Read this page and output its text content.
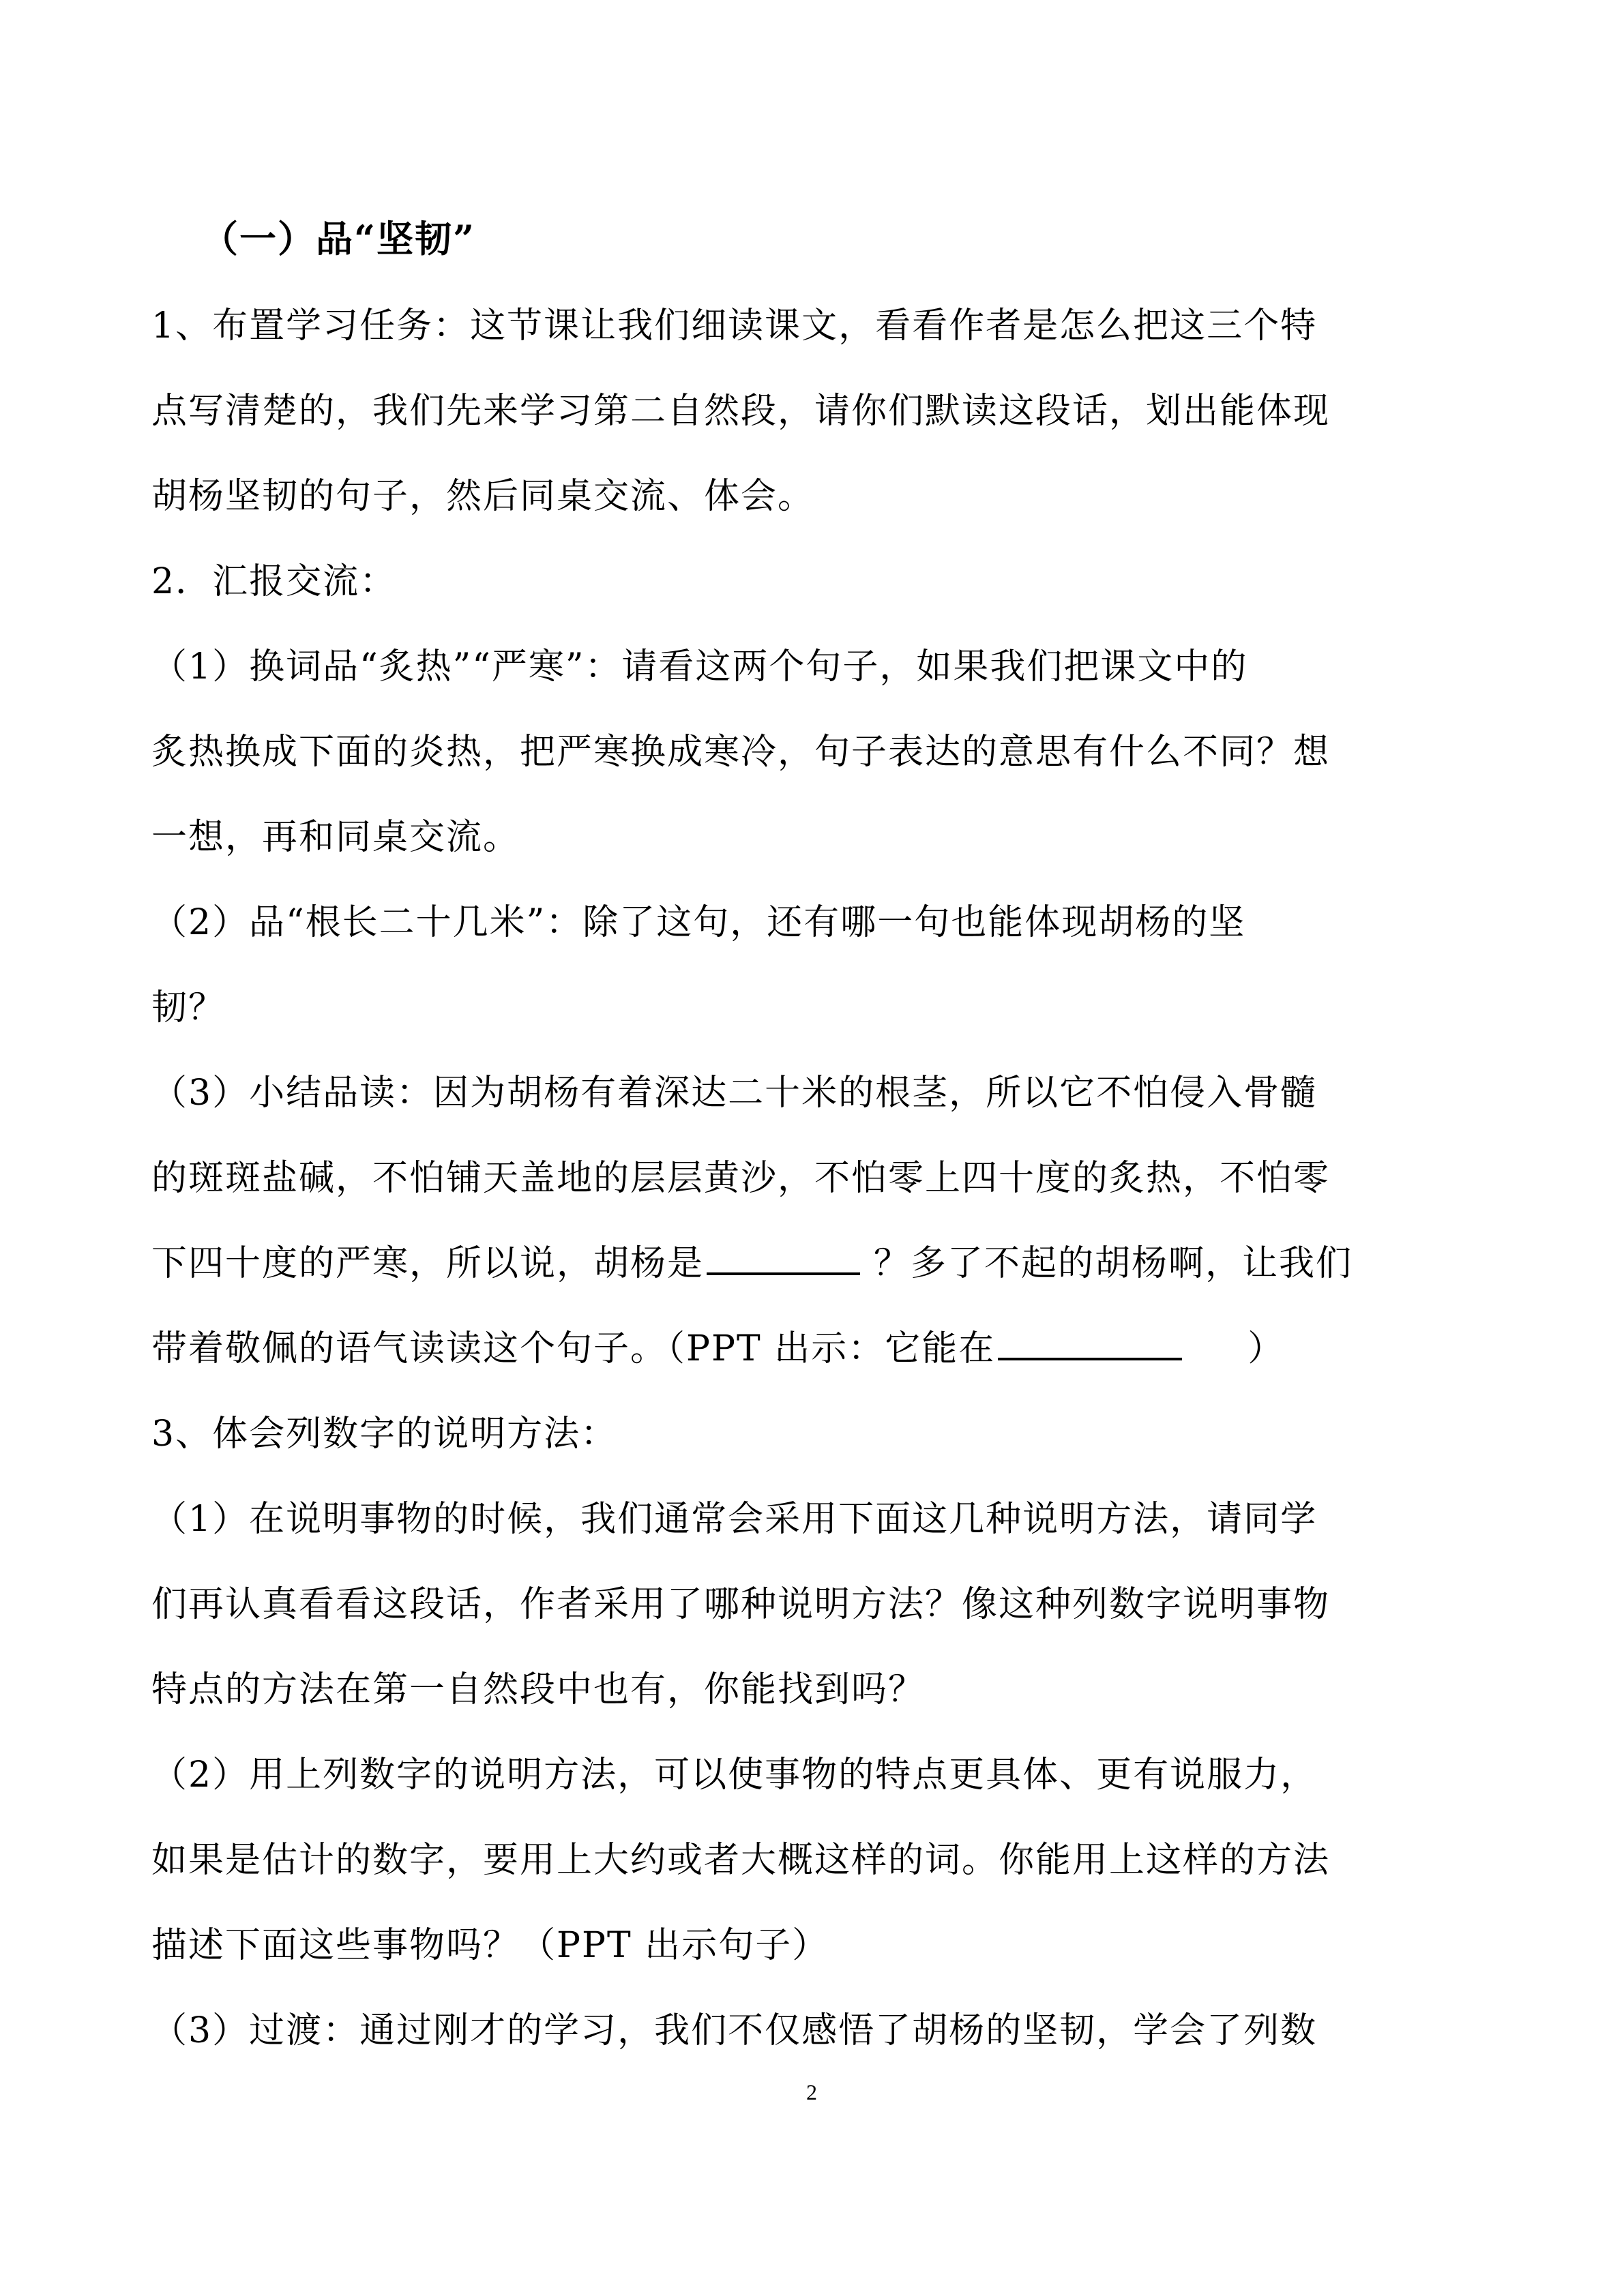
（一）品“坚韧”
1、布置学习任务：这节课让我们细读课文，看看作者是怎么把这三个特
点写清楚的，我们先来学习第二自然段，请你们默读这段话，划出能体现
胡杨坚韧的句子，然后同桌交流、体会。
2．汇报交流：
（1）换词品“炙热”“严寒”：请看这两个句子，如果我们把课文中的
炙热换成下面的炎热，把严寒换成寒冷，句子表达的意思有什么不同？想
一想，再和同桌交流。
（2）品“根长二十几米”：除了这句，还有哪一句也能体现胡杨的坚
韧？
（3）小结品读：因为胡杨有着深达二十米的根茎，所以它不怕侵入骨髓
的斑斑盐碱，不怕铺天盖地的层层黄沙，不怕零上四十度的炙热，不怕零
下四十度的严寒，所以说，胡杨是	？多了不起的胡杨啊，让我们
带着敬佩的语气读读这个句子。（PPT 出示：它能在	）
3、体会列数字的说明方法：
（1）在说明事物的时候，我们通常会采用下面这几种说明方法，请同学
们再认真看看这段话，作者采用了哪种说明方法？像这种列数字说明事物
特点的方法在第一自然段中也有，你能找到吗？
（2）用上列数字的说明方法，可以使事物的特点更具体、更有说服力，
如果是估计的数字，要用上大约或者大概这样的词。你能用上这样的方法
描述下面这些事物吗？（PPT 出示句子）
（3）过渡：通过刚才的学习，我们不仅感悟了胡杨的坚韧，学会了列数
2
